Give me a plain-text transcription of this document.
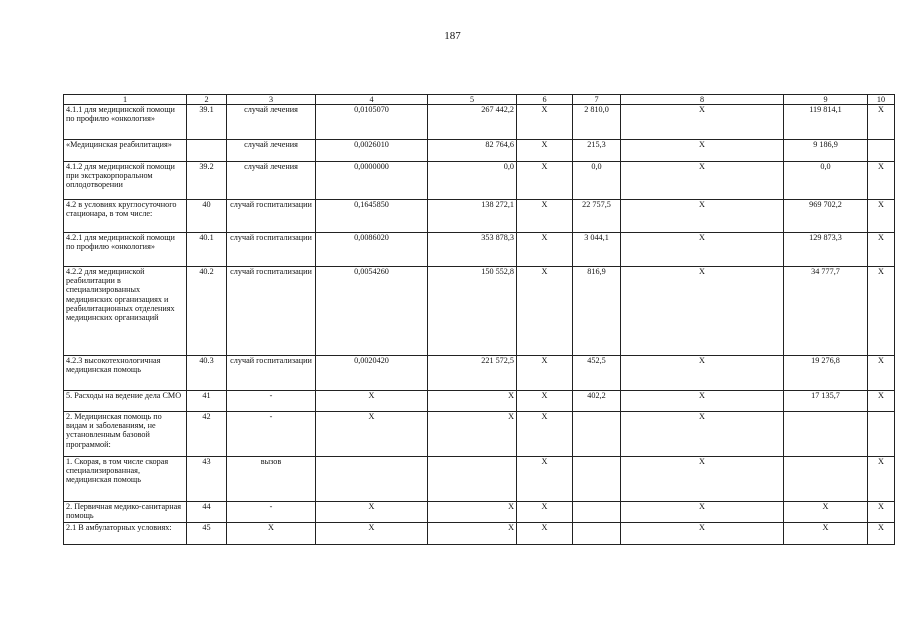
187
1	2	3	4	5	6	7	8	9	10
4.1.1 для медицинской помощи по профилю «онкология»	39.1	случай лечения	0,0105070	267 442,2	X	2 810,0	X	119 814,1	X
«Медицинская реабилитация»		случай лечения	0,0026010	82 764,6	X	215,3	X	9 186,9	
4.1.2 для медицинской помощи при экстракорпоральном оплодотворении	39.2	случай лечения	0,0000000	0,0	X	0,0	X	0,0	X
4.2 в условиях круглосуточного стационара, в том числе:	40	случай госпитализации	0,1645850	138 272,1	X	22 757,5	X	969 702,2	X
4.2.1 для медицинской помощи по профилю «онкология»	40.1	случай госпитализации	0,0086020	353 878,3	X	3 044,1	X	129 873,3	X
4.2.2 для медицинской реабилитации в специализированных медицинских организациях и реабилитационных отделениях медицинских организаций	40.2	случай госпитализации	0,0054260	150 552,8	X	816,9	X	34 777,7	X
4.2.3 высокотехнологичная медицинская помощь	40.3	случай госпитализации	0,0020420	221 572,5	X	452,5	X	19 276,8	X
5. Расходы на ведение дела СМО	41	-	X	X	X	402,2	X	17 135,7	X
2. Медицинская помощь по видам и заболеваниям, не установленным базовой программой:	42	-	X	X	X		X		
1. Скорая, в том числе скорая специализированная, медицинская помощь	43	вызов			X		X		X
2. Первичная медико-санитарная помощь	44	-	X	X	X		X	X	X
2.1 В амбулаторных условиях:	45	X	X	X	X		X	X	X
